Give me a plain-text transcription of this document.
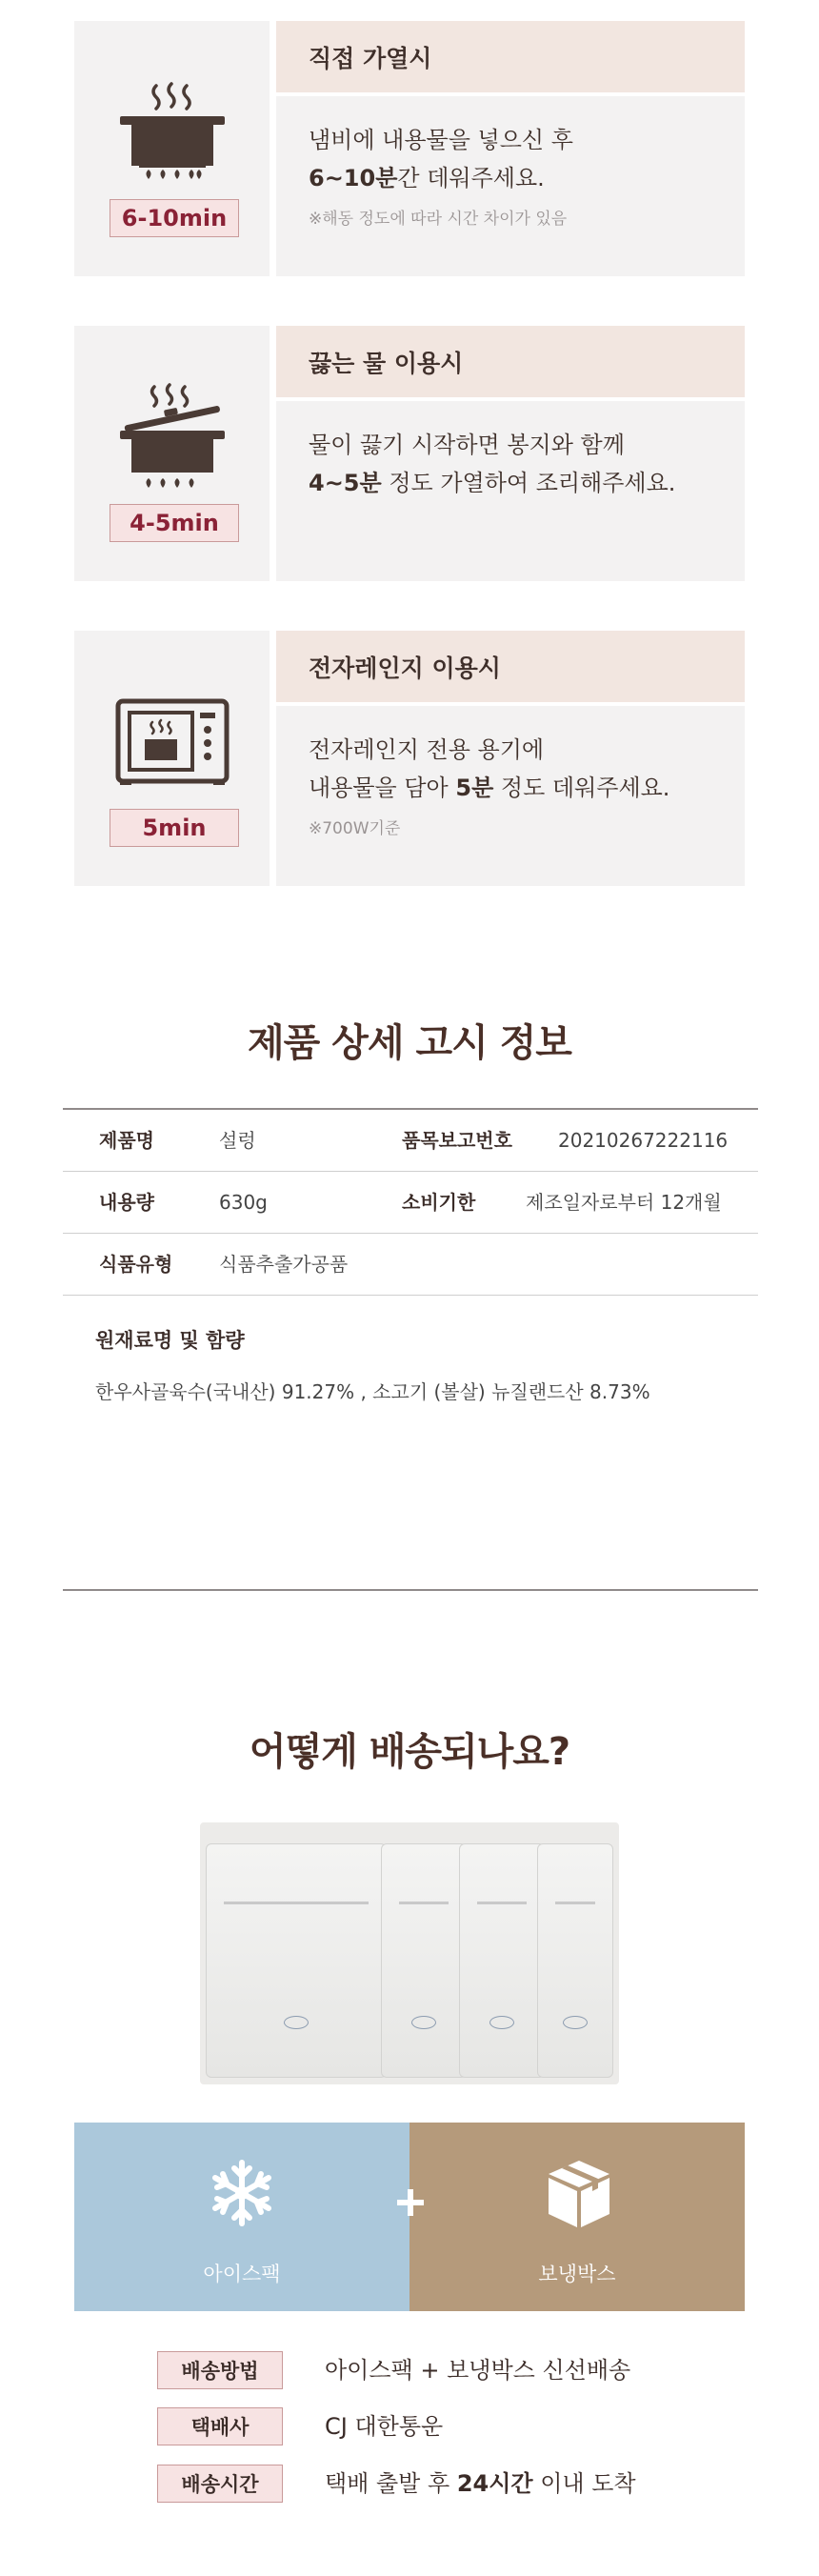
6-10min
직접 가열시
냄비에 내용물을 넣으신 후
6~10분간 데워주세요.
※해동 정도에 따라 시간 차이가 있음
4-5min
끓는 물 이용시
물이 끓기 시작하면 봉지와 함께
4~5분 정도 가열하여 조리해주세요.
5min
전자레인지 이용시
전자레인지 전용 용기에
내용물을 담아 5분 정도 데워주세요.
※700W기준
제품 상세 고시 정보
제품명	설렁	품목보고번호 20210267222116
내용량	630g	소비기한	제조일자로부터 12개월
식품유형 식품추출가공품
원재료명 및 함량
한우사골육수(국내산) 91.27% , 소고기 (볼살) 뉴질랜드산 8.73%
어떻게 배송되나요?
아이스팩	보냉박스
배송방법	아이스팩 + 보냉박스 신선배송
택배사	CJ 대한통운
배송시간	택배 출발 후 24시간 이내 도착
